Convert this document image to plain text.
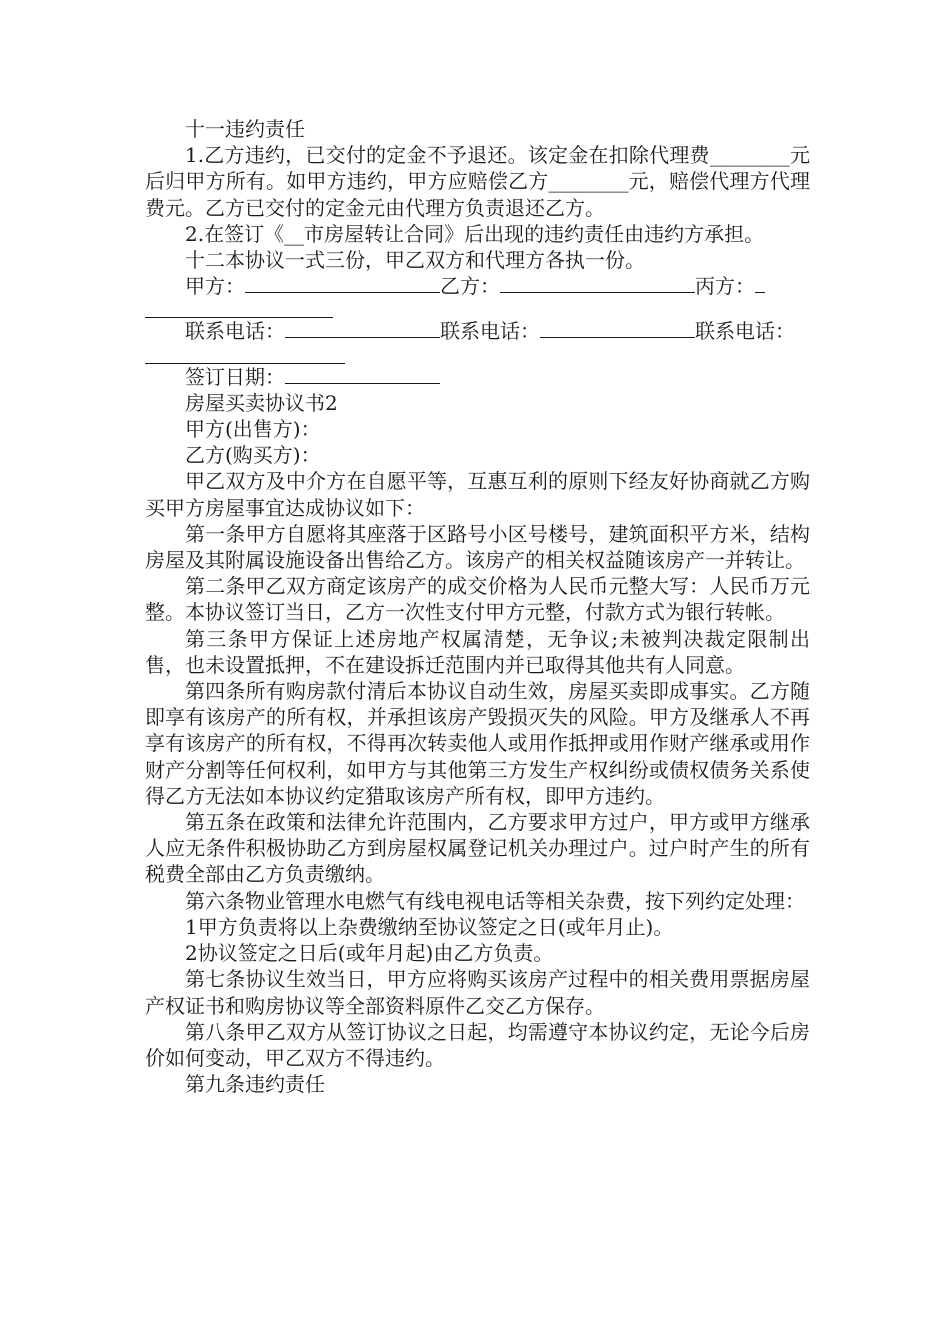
十一违约责任

1.乙方违约，已交付的定金不予退还。该定金在扣除代理费________元后归甲方所有。如甲方违约，甲方应赔偿乙方________元，赔偿代理方代理费元。乙方已交付的定金元由代理方负责退还乙方。

2.在签订《__市房屋转让合同》后出现的违约责任由违约方承担。

十二本协议一式三份，甲乙双方和代理方各执一份。

甲方：	乙方：	丙方：
联系电话：	联系电话：	联系电话：
签订日期：

房屋买卖协议书2

甲方(出售方)：

乙方(购买方)：

甲乙双方及中介方在自愿平等，互惠互利的原则下经友好协商就乙方购买甲方房屋事宜达成协议如下：

第一条甲方自愿将其座落于区路号小区号楼号，建筑面积平方米，结构房屋及其附属设施设备出售给乙方。该房产的相关权益随该房产一并转让。

第二条甲乙双方商定该房产的成交价格为人民币元整大写：人民币万元整。本协议签订当日，乙方一次性支付甲方元整，付款方式为银行转帐。

第三条甲方保证上述房地产权属清楚，无争议;未被判决裁定限制出售，也未设置抵押，不在建设拆迁范围内并已取得其他共有人同意。

第四条所有购房款付清后本协议自动生效，房屋买卖即成事实。乙方随即享有该房产的所有权，并承担该房产毁损灭失的风险。甲方及继承人不再享有该房产的所有权，不得再次转卖他人或用作抵押或用作财产继承或用作财产分割等任何权利，如甲方与其他第三方发生产权纠纷或债权债务关系使得乙方无法如本协议约定猎取该房产所有权，即甲方违约。

第五条在政策和法律允许范围内，乙方要求甲方过户，甲方或甲方继承人应无条件积极协助乙方到房屋权属登记机关办理过户。过户时产生的所有税费全部由乙方负责缴纳。

第六条物业管理水电燃气有线电视电话等相关杂费，按下列约定处理：

1甲方负责将以上杂费缴纳至协议签定之日(或年月止)。

2协议签定之日后(或年月起)由乙方负责。

第七条协议生效当日，甲方应将购买该房产过程中的相关费用票据房屋产权证书和购房协议等全部资料原件乙交乙方保存。

第八条甲乙双方从签订协议之日起，均需遵守本协议约定，无论今后房价如何变动，甲乙双方不得违约。

第九条违约责任
